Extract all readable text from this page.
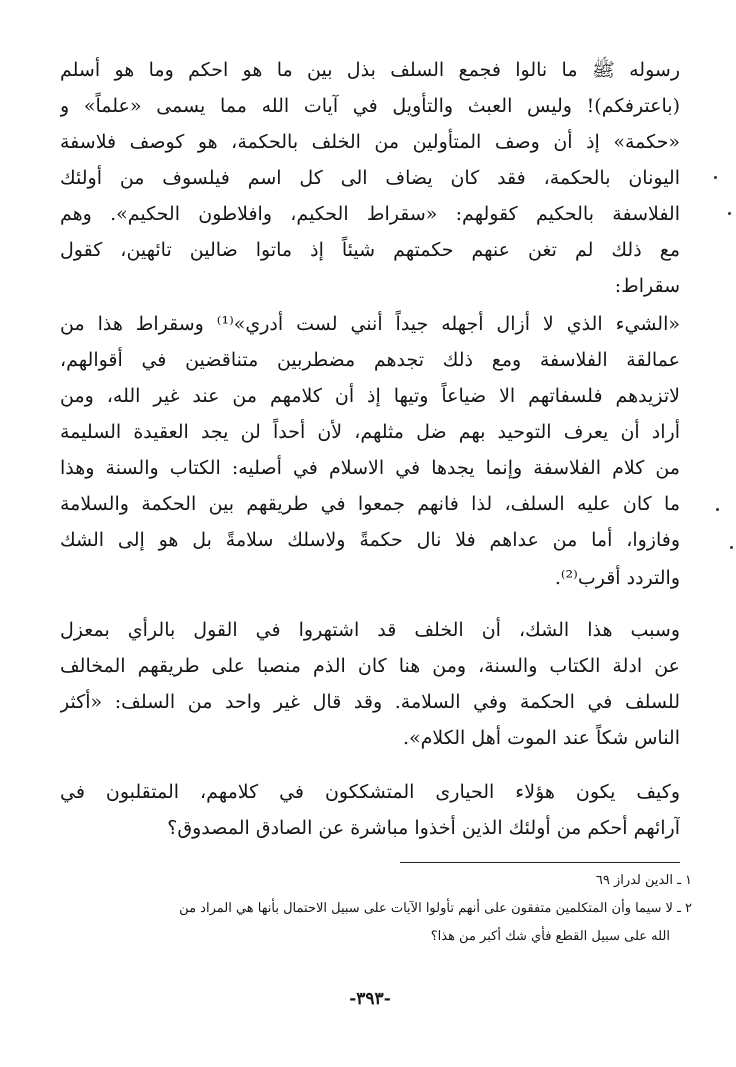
رسوله ﷺ ما نالوا فجمع السلف بذل بين ما هو احكم وما هو أسلم
(باعترفكم)! وليس العبث والتأويل في آيات الله مما يسمى «علماً» و
«حكمة» إذ أن وصف المتأولين من الخلف بالحكمة، هو كوصف فلاسفة
اليونان بالحكمة، فقد كان يضاف الى كل اسم فيلسوف من أولئك
الفلاسفة بالحكيم كقولهم: «سقراط الحكيم، وافلاطون الحكيم». وهم
مع ذلك لم تغن عنهم حكمتهم شيئاً إذ ماتوا ضالين تائهين، كقول
سقراط:
«الشيء الذي لا أزال أجهله جيداً أنني لست أدري»⁽¹⁾ وسقراط هذا من
عمالقة الفلاسفة ومع ذلك تجدهم مضطربين متناقضين في أقوالهم،
لاتزيدهم فلسفاتهم الا ضياعاً وتيها إذ أن كلامهم من عند غير الله، ومن
أراد أن يعرف التوحيد بهم ضل مثلهم، لأن أحداً لن يجد العقيدة السليمة
من كلام الفلاسفة وإنما يجدها في الاسلام في أصليه: الكتاب والسنة وهذا
ما كان عليه السلف، لذا فانهم جمعوا في طريقهم بين الحكمة والسلامة
وفازوا، أما من عداهم فلا نال حكمةً ولاسلك سلامةً بل هو إلى الشك
والتردد أقرب⁽²⁾.
وسبب هذا الشك، أن الخلف قد اشتهروا في القول بالرأي بمعزل
عن ادلة الكتاب والسنة، ومن هنا كان الذم منصبا على طريقهم المخالف
للسلف في الحكمة وفي السلامة. وقد قال غير واحد من السلف: «أكثر
الناس شكاً عند الموت أهل الكلام».
وكيف يكون هؤلاء الحيارى المتشككون في كلامهم، المتقلبون في
آرائهم أحكم من أولئك الذين أخذوا مباشرة عن الصادق المصدوق؟
١ ـ الدين لدراز ٦٩
٢ ـ لا سيما وأن المتكلمين متفقون على أنهم تأولوا الآيات على سبيل الاحتمال بأنها هي المراد من
الله على سبيل القطع فأي شك أكبر من هذا؟
-٣٩٣-
